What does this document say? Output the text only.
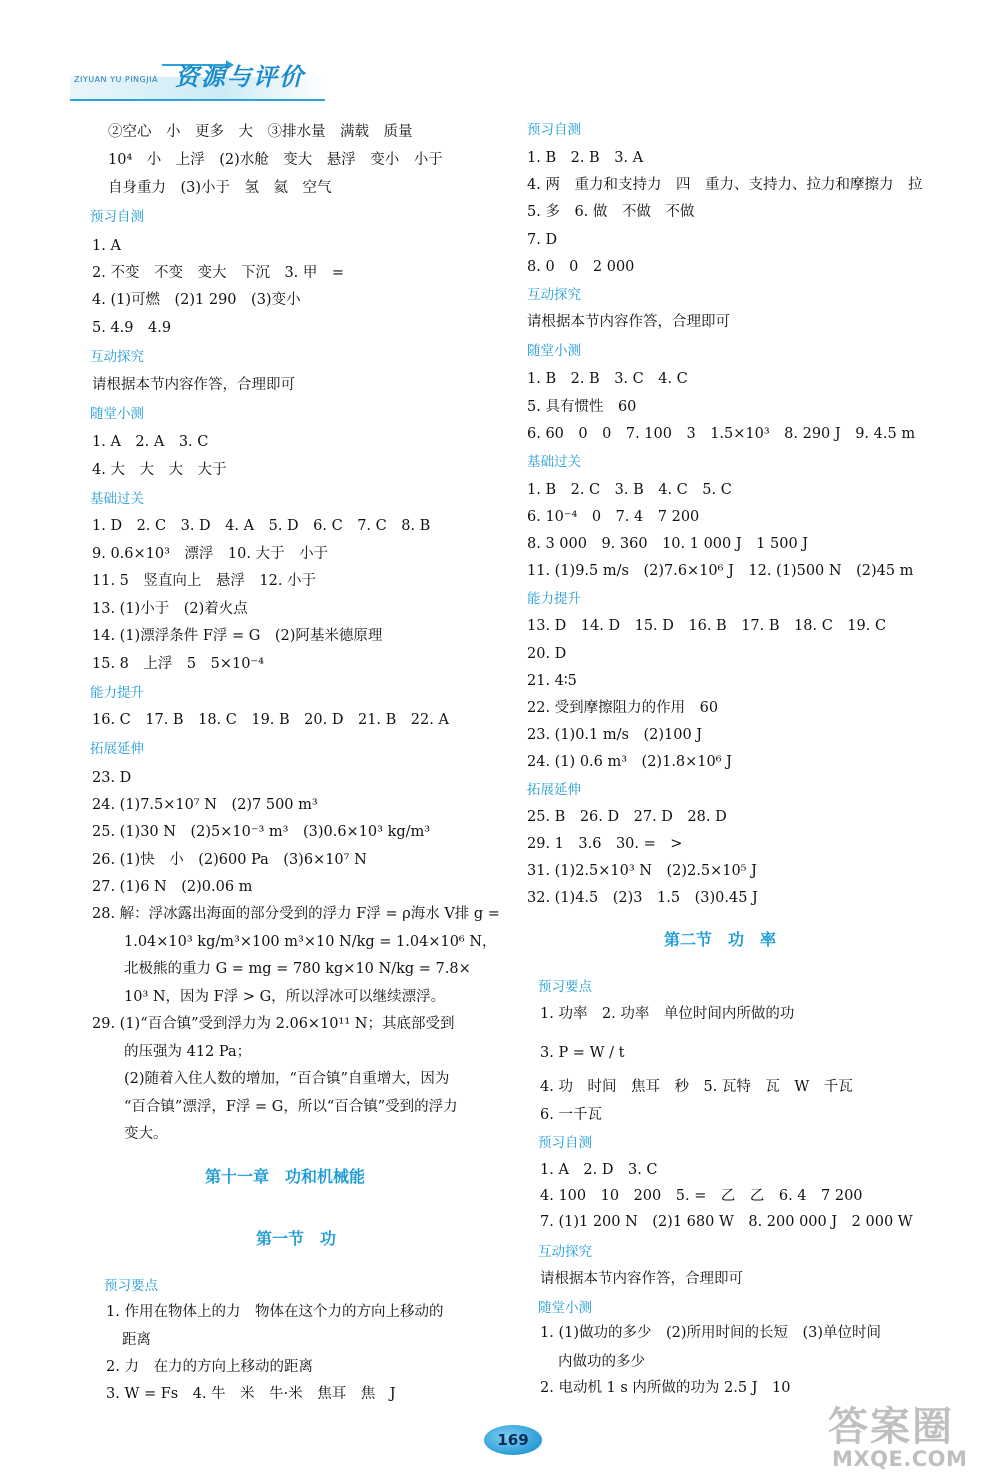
ZIYUAN YU PINGJIA 资源与评价
②空心　小　更多　大　③排水量　满载　质量
10⁴　小　上浮　(2)水舱　变大　悬浮　变小　小于
自身重力　(3)小于　氢　氦　空气
预习自测
1. A
2. 不变　不变　变大　下沉　3. 甲　=
4. (1)可燃　(2)1 290　(3)变小
5. 4.9　4.9
互动探究
请根据本节内容作答，合理即可
随堂小测
1. A　2. A　3. C
4. 大　大　大　大于
基础过关
1. D　2. C　3. D　4. A　5. D　6. C　7. C　8. B
9. 0.6×10³　漂浮　10. 大于　小于
11. 5　竖直向上　悬浮　12. 小于
13. (1)小于　(2)着火点
14. (1)漂浮条件 F浮 = G　(2)阿基米德原理
15. 8　上浮　5　5×10⁻⁴
能力提升
16. C　17. B　18. C　19. B　20. D　21. B　22. A
拓展延伸
23. D
24. (1)7.5×10⁷ N　(2)7 500 m³
25. (1)30 N　(2)5×10⁻³ m³　(3)0.6×10³ kg/m³
26. (1)快　小　(2)600 Pa　(3)6×10⁷ N
27. (1)6 N　(2)0.06 m
28. 解：浮冰露出海面的部分受到的浮力 F浮 = ρ海水 V排 g =
1.04×10³ kg/m³×100 m³×10 N/kg = 1.04×10⁶ N，
北极熊的重力 G = mg = 780 kg×10 N/kg = 7.8×
10³ N，因为 F浮 > G，所以浮冰可以继续漂浮。
29. (1)“百合镇”受到浮力为 2.06×10¹¹ N；其底部受到
的压强为 412 Pa；
(2)随着入住人数的增加，“百合镇”自重增大，因为
“百合镇”漂浮，F浮 = G，所以“百合镇”受到的浮力
变大。
第十一章　功和机械能
第一节　功
预习要点
1. 作用在物体上的力　物体在这个力的方向上移动的
距离
2. 力　在力的方向上移动的距离
3. W = Fs　4. 牛　米　牛·米　焦耳　焦　J
预习自测
1. B　2. B　3. A
4. 两　重力和支持力　四　重力、支持力、拉力和摩擦力　拉
5. 多　6. 做　不做　不做
7. D
8. 0　0　2 000
互动探究
请根据本节内容作答，合理即可
随堂小测
1. B　2. B　3. C　4. C
5. 具有惯性　60
6. 60　0　0　7. 100　3　1.5×10³　8. 290 J　9. 4.5 m
基础过关
1. B　2. C　3. B　4. C　5. C
6. 10⁻⁴　0　7. 4　7 200
8. 3 000　9. 360　10. 1 000 J　1 500 J
11. (1)9.5 m/s　(2)7.6×10⁶ J　12. (1)500 N　(2)45 m
能力提升
13. D　14. D　15. D　16. B　17. B　18. C　19. C
20. D
21. 4∶5
22. 受到摩擦阻力的作用　60
23. (1)0.1 m/s　(2)100 J
24. (1) 0.6 m³　(2)1.8×10⁶ J
拓展延伸
25. B　26. D　27. D　28. D
29. 1　3.6　30. =　>
31. (1)2.5×10³ N　(2)2.5×10⁵ J
32. (1)4.5　(2)3　1.5　(3)0.45 J
第二节　功　率
预习要点
1. 功率　2. 功率　单位时间内所做的功
3. P = W / t
4. 功　时间　焦耳　秒　5. 瓦特　瓦　W　千瓦
6. 一千瓦
预习自测
1. A　2. D　3. C
4. 100　10　200　5. =　乙　乙　6. 4　7 200
7. (1)1 200 N　(2)1 680 W　8. 200 000 J　2 000 W
互动探究
请根据本节内容作答，合理即可
随堂小测
1. (1)做功的多少　(2)所用时间的长短　(3)单位时间
内做功的多少
2. 电动机 1 s 内所做的功为 2.5 J　10
169	答案圈
MXQE.COM
